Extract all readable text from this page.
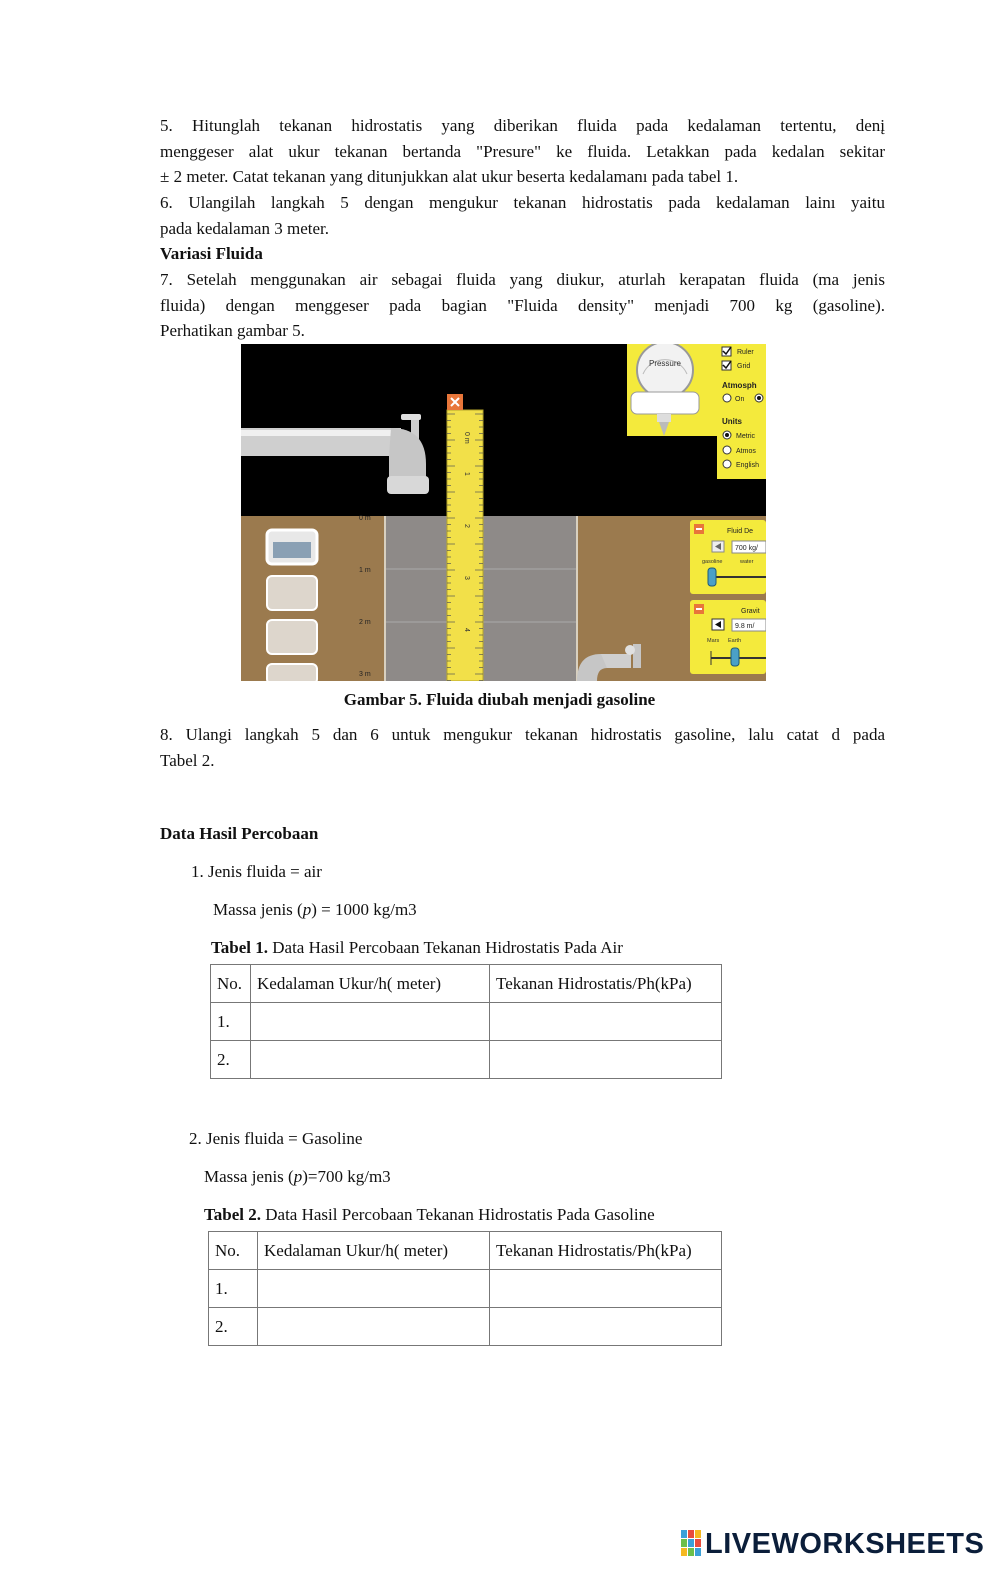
5. Hitunglah tekanan hidrostatis yang diberikan fluida pada kedalaman tertentu, denį
menggeser alat ukur tekanan bertanda "Presure" ke fluida. Letakkan pada kedalan sekitar
± 2 meter. Catat tekanan yang ditunjukkan alat ukur beserta kedalamanı pada tabel 1.
6. Ulangilah langkah 5 dengan mengukur tekanan hidrostatis pada kedalaman lainı yaitu
pada kedalaman 3 meter.
Variasi Fluida
7. Setelah menggunakan air sebagai fluida yang diukur, aturlah kerapatan fluida (ma jenis
fluida) dengan menggeser pada bagian "Fluida density" menjadi 700 kg (gasoline).
Perhatikan gambar 5.
0 m
1 m
2 m
3 m
0 m
1
2
3
4
Pressure
Ruler
Grid
Atmosph
On
Units
Metric
Atmos
English
Fluid De
700 kg/
gasoline	water
Gravit
9.8 m/
Mars Earth
Gambar 5. Fluida diubah menjadi gasoline
8. Ulangi langkah 5 dan 6 untuk mengukur tekanan hidrostatis gasoline, lalu catat d pada
Tabel 2.
Data Hasil Percobaan
1. Jenis fluida = air
Massa jenis (p) = 1000 kg/m3
Tabel 1. Data Hasil Percobaan Tekanan Hidrostatis Pada Air
No.	Kedalaman Ukur/h( meter)	Tekanan Hidrostatis/Ph(kPa)
1.		
2.		
2. Jenis fluida = Gasoline
Massa jenis (p)=700 kg/m3
Tabel 2. Data Hasil Percobaan Tekanan Hidrostatis Pada Gasoline
No.	Kedalaman Ukur/h( meter)	Tekanan Hidrostatis/Ph(kPa)
1.		
2.		
LIVEWORKSHEETS
